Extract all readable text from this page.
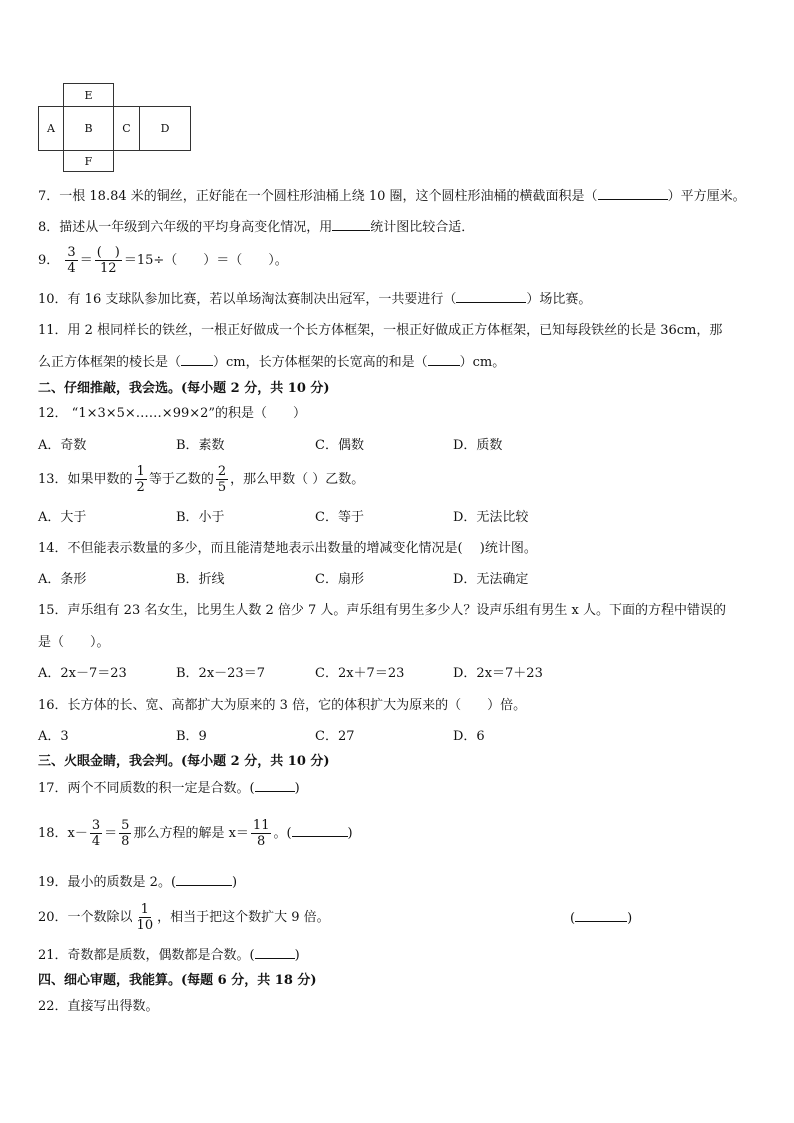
E
A	B	C	D
F
7．一根 18.84 米的铜丝，正好能在一个圆柱形油桶上绕 10 圈，这个圆柱形油桶的横截面积是（	）平方厘米。
8．描述从一年级到六年级的平均身高变化情况，用	统计图比较合适．
9． $\frac{3}{4} = \frac{( )}{12} =15\div$（　　）＝（　　）。
10．有 16 支球队参加比赛，若以单场淘汰赛制决出冠军，一共要进行（	）场比赛。
11．用 2 根同样长的铁丝，一根正好做成一个长方体框架，一根正好做成正方体框架，已知每段铁丝的长是 36cm，那
么正方体框架的棱长是（ ）cm，长方体框架的长宽高的和是（ ）cm。
二、仔细推敲，我会选。(每小题 2 分，共 10 分)
12． “1×3×5×……×99×2”的积是（　　）
A．奇数	B．素数	C．偶数	D．质数
13．如果甲数的 $\frac{1}{2}$ 等于乙数的 $\frac{2}{5}$ ，那么甲数（ ）乙数。
A．大于	B．小于	C．等于	D．无法比较
14．不但能表示数量的多少，而且能清楚地表示出数量的增减变化情况是(　 )统计图。
A．条形	B．折线	C．扇形	D．无法确定
15．声乐组有 23 名女生，比男生人数 2 倍少 7 人。声乐组有男生多少人？设声乐组有男生 x 人。下面的方程中错误的
是（　　）。
A．2x－7＝23	B．2x－23＝7	C．2x＋7＝23	D．2x＝7＋23
16．长方体的长、宽、高都扩大为原来的 3 倍，它的体积扩大为原来的（　　）倍。
A．3	B．9	C．27	D．6
三、火眼金睛，我会判。(每小题 2 分，共 10 分)
17．两个不同质数的积一定是合数。(	)
18．$x- \frac{3}{4} = \frac{5}{8}$ 那么方程的解是 $x= \frac{11}{8}$ 。(	)
19．最小的质数是 2。(	)
20．一个数除以 $\frac{1}{10}$ ，相当于把这个数扩大 9 倍。	(	)
21．奇数都是质数，偶数都是合数。(	)
四、细心审题，我能算。(每题 6 分，共 18 分)
22．直接写出得数。
